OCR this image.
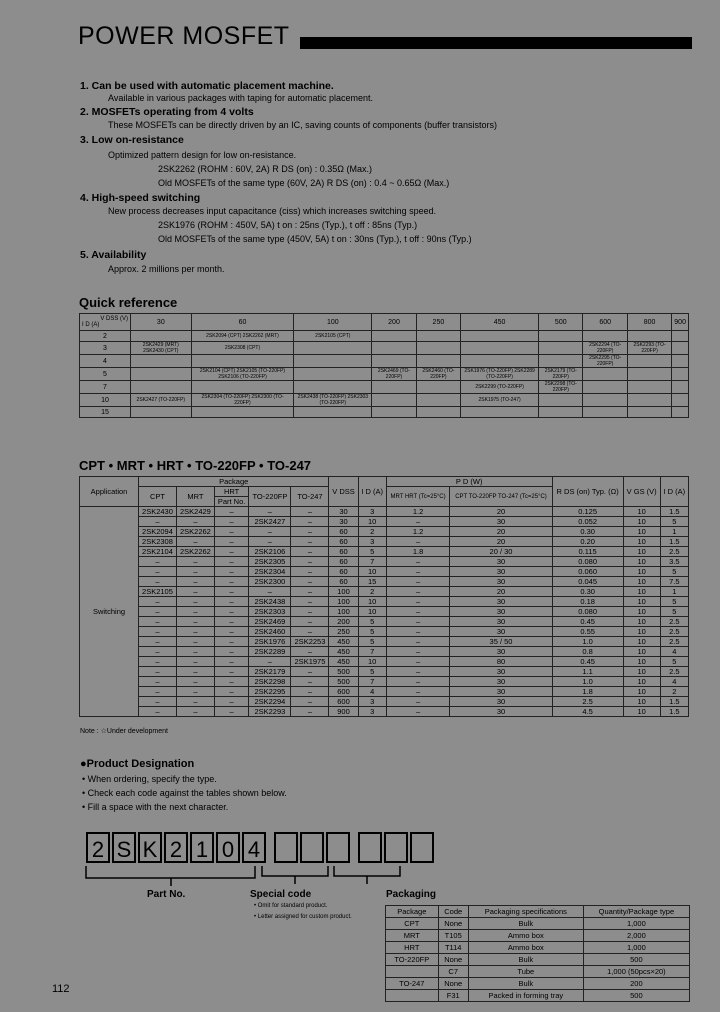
POWER MOSFET
1. Can be used with automatic placement machine.
Available in various packages with taping for automatic placement.
2. MOSFETs operating from 4 volts
These MOSFETs can be directly driven by an IC, saving counts of components (buffer transistors)
3. Low on-resistance
Optimized pattern design for low on-resistance.
2SK2262 (ROHM : 60V, 2A) R DS (on) : 0.35Ω (Max.)
Old MOSFETs of the same type (60V, 2A) R DS (on) : 0.4 ~ 0.65Ω (Max.)
4. High-speed switching
New process decreases input capacitance (ciss) which increases switching speed.
2SK1976 (ROHM : 450V, 5A) t on : 25ns (Typ.), t off : 85ns (Typ.)
Old MOSFETs of the same type (450V, 5A) t on : 30ns (Typ.), t off : 90ns (Typ.)
5. Availability
Approx. 2 millions per month.
Quick reference
V DSS (V)
I D (A)	30	60	100	200	250	450	500	600	800	900
2		2SK2094 (CPT) 2SK2262 (MRT)	2SK2105 (CPT)							
3	2SK2429 (MRT) 2SK2430 (CPT)	2SK2308 (CPT)						2SK2294 (TO-220FP)	2SK2293 (TO-220FP)	
4								2SK2295 (TO-220FP)		
5		2SK2104 (CPT) 2SK2105 (TO-220FP) 2SK2106 (TO-220FP)		2SK2469 (TO-220FP)	2SK2460 (TO-220FP)	2SK1976 (TO-220FP) 2SK2289 (TO-220FP)	2SK2179 (TO-220FP)			
7						2SK2299 (TO-220FP)	2SK2298 (TO-220FP)			
10	2SK2427 (TO-220FP)	2SK2304 (TO-220FP) 2SK2300 (TO-220FP)	2SK2438 (TO-220FP) 2SK2303 (TO-220FP)			2SK1975 (TO-247)				
15										
CPT • MRT • HRT • TO-220FP • TO-247
Application	Package					V DSS	I D (A)	P D (W)		R DS (on) Typ. (Ω)	V GS (V)	I D (A)
	CPT	MRT	HRT	TO-220FP	TO-247			MRT HRT (Tc=25°C)	CPT TO-220FP TO-247 (Tc=25°C)			
			Part No.									
Switching	2SK2430	2SK2429	–	–	–	30	3	1.2	20	0.125	10	1.5
	–	–	–	2SK2427	–	30	10	–	30	0.052	10	5
	2SK2094	2SK2262	–	–	–	60	2	1.2	20	0.30	10	1
	2SK2308	–	–	–	–	60	3	–	20	0.20	10	1.5
	2SK2104	2SK2262	–	2SK2106	–	60	5	1.8	20 / 30	0.115	10	2.5
	–	–	–	2SK2305	–	60	7	–	30	0.080	10	3.5
	–	–	–	2SK2304	–	60	10	–	30	0.060	10	5
	–	–	–	2SK2300	–	60	15	–	30	0.045	10	7.5
	2SK2105	–	–	–	–	100	2	–	20	0.30	10	1
	–	–	–	2SK2438	–	100	10	–	30	0.18	10	5
	–	–	–	2SK2303	–	100	10	–	30	0.080	10	5
	–	–	–	2SK2469	–	200	5	–	30	0.45	10	2.5
	–	–	–	2SK2460	–	250	5	–	30	0.55	10	2.5
	–	–	–	2SK1976	2SK2253	450	5	–	35 / 50	1.0	10	2.5
	–	–	–	2SK2289	–	450	7	–	30	0.8	10	4
	–	–	–	–	2SK1975	450	10	–	80	0.45	10	5
	–	–	–	2SK2179	–	500	5	–	30	1.1	10	2.5
	–	–	–	2SK2298	–	500	7	–	30	1.0	10	4
	–	–	–	2SK2295	–	600	4	–	30	1.8	10	2
	–	–	–	2SK2294	–	600	3	–	30	2.5	10	1.5
	–	–	–	2SK2293	–	900	3	–	30	4.5	10	1.5
Note : ☆Under development
●Product Designation
• When ordering, specify the type.
• Check each code against the tables shown below.
• Fill a space with the next character.
2 S K 2 1 0 4
Part No.	Special code
• Omit for standard product.
• Letter assigned for custom product.
Packaging
Package	Code	Packaging specifications	Quantity/Package type
CPT	None	Bulk	1,000
MRT	T105	Ammo box	2,000
HRT	T114	Ammo box	1,000
TO-220FP	None	Bulk	500
	C7	Tube	1,000 (50pcs×20)
TO-247	None	Bulk	200
	F31	Packed in forming tray	500
112
